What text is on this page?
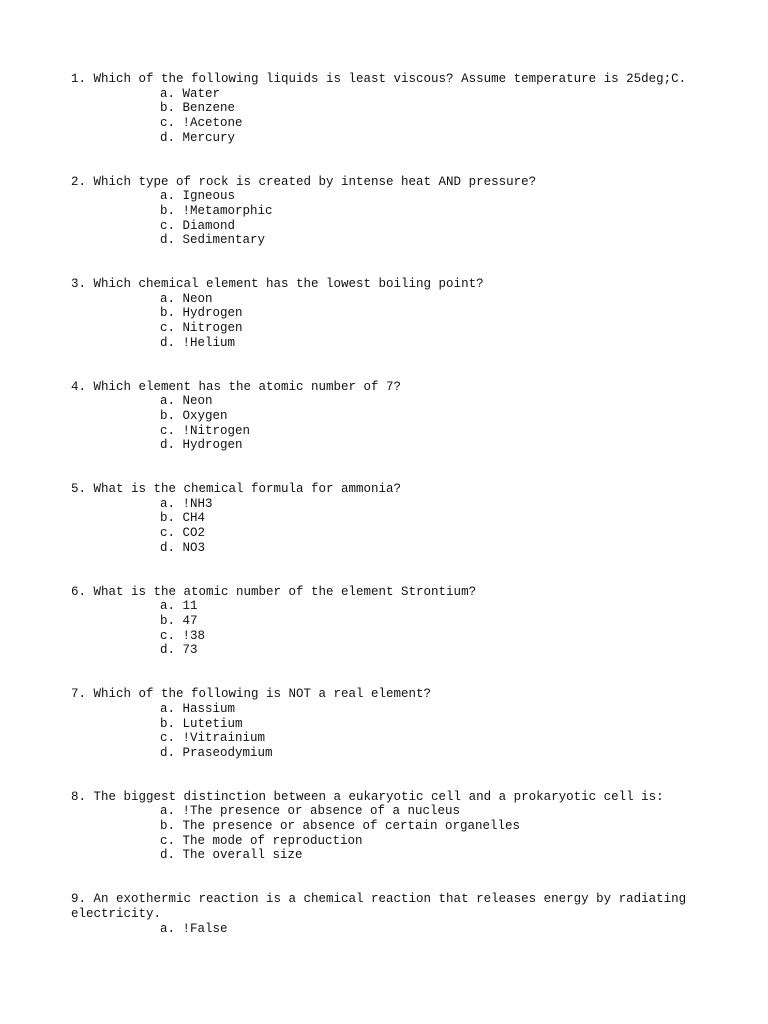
1. Which of the following liquids is least viscous? Assume temperature is 25deg;C.

a. Water

b. Benzene

c. !Acetone

d. Mercury

2. Which type of rock is created by intense heat AND pressure?

a. Igneous

b. !Metamorphic

c. Diamond

d. Sedimentary

3. Which chemical element has the lowest boiling point?

a. Neon

b. Hydrogen

c. Nitrogen

d. !Helium

4. Which element has the atomic number of 7?

a. Neon

b. Oxygen

c. !Nitrogen

d. Hydrogen

5. What is the chemical formula for ammonia?

a. !NH3

b. CH4

c. CO2

d. NO3

6. What is the atomic number of the element Strontium?

a. 11

b. 47

c. !38

d. 73

7. Which of the following is NOT a real element?

a. Hassium

b. Lutetium

c. !Vitrainium

d. Praseodymium

8. The biggest distinction between a eukaryotic cell and a prokaryotic cell is:

a. !The presence or absence of a nucleus

b. The presence or absence of certain organelles

c. The mode of reproduction

d. The overall size

9. An exothermic reaction is a chemical reaction that releases energy by radiating electricity.

a. !False
